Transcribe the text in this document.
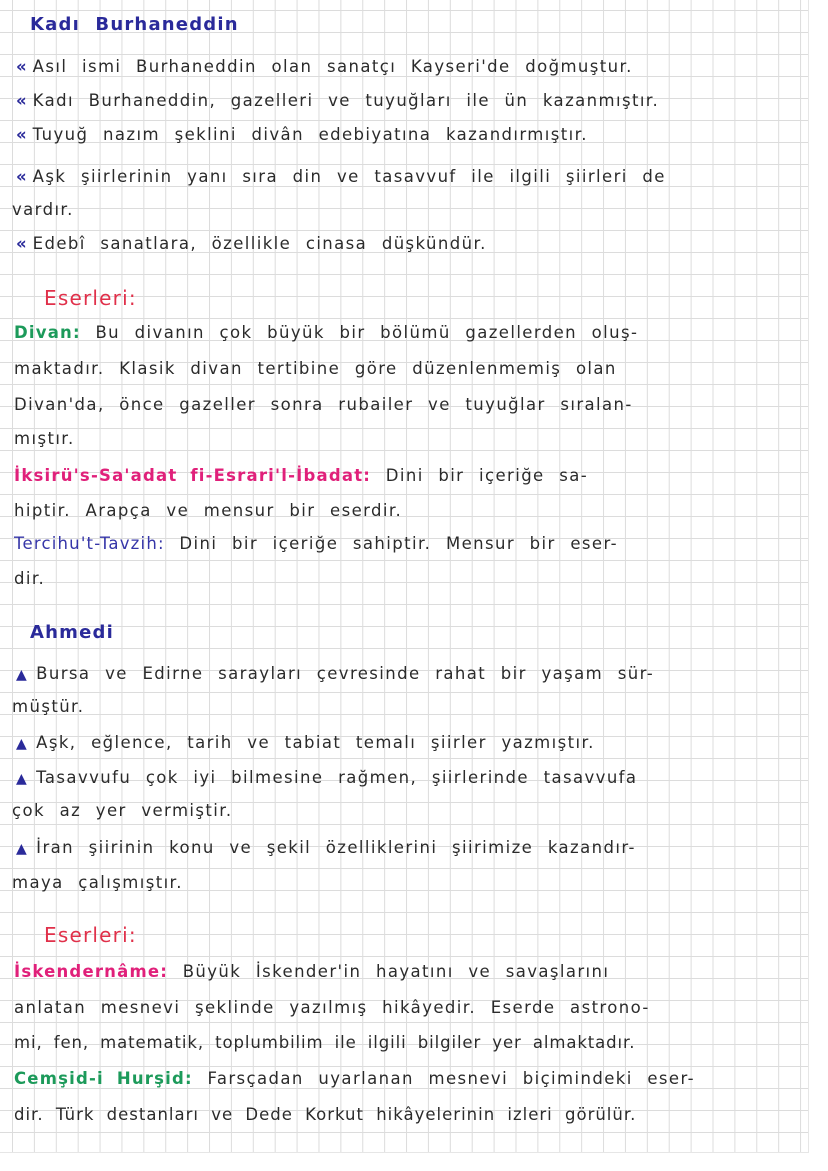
Kadı Burhaneddin
« Asıl ismi Burhaneddin olan sanatçı Kayseri'de doğmuştur.
« Kadı Burhaneddin, gazelleri ve tuyuğları ile ün kazanmıştır.
« Tuyuğ nazım şeklini divân edebiyatına kazandırmıştır.
« Aşk şiirlerinin yanı sıra din ve tasavvuf ile ilgili şiirleri de
vardır.
« Edebî sanatlara, özellikle cinasa düşkündür.
Eserleri:
Divan: Bu divanın çok büyük bir bölümü gazellerden oluş-
maktadır. Klasik divan tertibine göre düzenlenmemiş olan
Divan'da, önce gazeller sonra rubailer ve tuyuğlar sıralan-
mıştır.
İksirü's-Sa'adat fi-Esrari'l-İbadat: Dini bir içeriğe sa-
hiptir. Arapça ve mensur bir eserdir.
Tercihu't-Tavzih: Dini bir içeriğe sahiptir. Mensur bir eser-
dir.
Ahmedi
▲ Bursa ve Edirne sarayları çevresinde rahat bir yaşam sür-
müştür.
▲ Aşk, eğlence, tarih ve tabiat temalı şiirler yazmıştır.
▲ Tasavvufu çok iyi bilmesine rağmen, şiirlerinde tasavvufa
çok az yer vermiştir.
▲ İran şiirinin konu ve şekil özelliklerini şiirimize kazandır-
maya çalışmıştır.
Eserleri:
İskendernâme: Büyük İskender'in hayatını ve savaşlarını
anlatan mesnevi şeklinde yazılmış hikâyedir. Eserde astrono-
mi, fen, matematik, toplumbilim ile ilgili bilgiler yer almaktadır.
Cemşid-i Hurşid: Farsçadan uyarlanan mesnevi biçimindeki eser-
dir. Türk destanları ve Dede Korkut hikâyelerinin izleri görülür.
